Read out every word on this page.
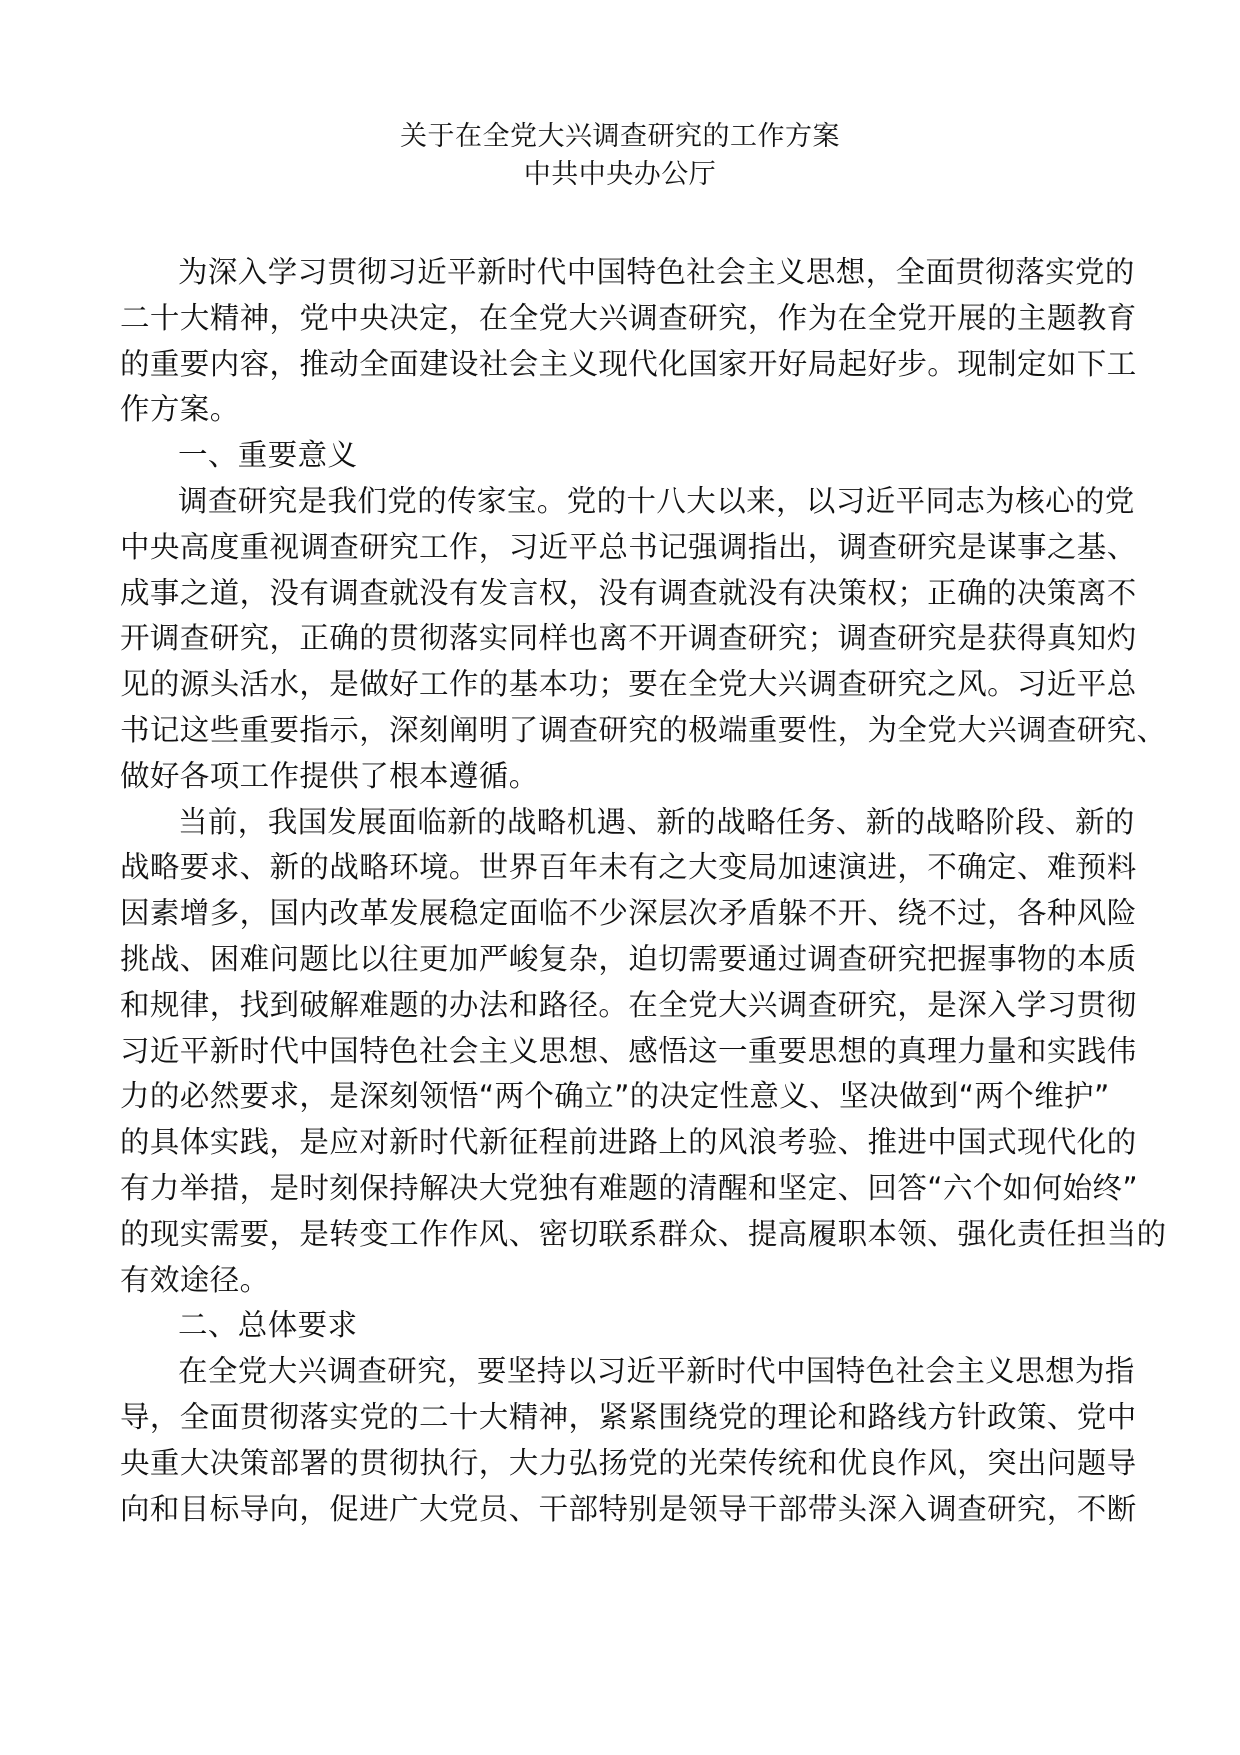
关于在全党大兴调查研究的工作方案
中共中央办公厅
为深入学习贯彻习近平新时代中国特色社会主义思想，全面贯彻落实党的
二十大精神，党中央决定，在全党大兴调查研究，作为在全党开展的主题教育
的重要内容，推动全面建设社会主义现代化国家开好局起好步。现制定如下工
作方案。
一、重要意义
调查研究是我们党的传家宝。党的十八大以来，以习近平同志为核心的党
中央高度重视调查研究工作，习近平总书记强调指出，调查研究是谋事之基、
成事之道，没有调查就没有发言权，没有调查就没有决策权；正确的决策离不
开调查研究，正确的贯彻落实同样也离不开调查研究；调查研究是获得真知灼
见的源头活水，是做好工作的基本功；要在全党大兴调查研究之风。习近平总
书记这些重要指示，深刻阐明了调查研究的极端重要性，为全党大兴调查研究、
做好各项工作提供了根本遵循。
当前，我国发展面临新的战略机遇、新的战略任务、新的战略阶段、新的
战略要求、新的战略环境。世界百年未有之大变局加速演进，不确定、难预料
因素增多，国内改革发展稳定面临不少深层次矛盾躲不开、绕不过，各种风险
挑战、困难问题比以往更加严峻复杂，迫切需要通过调查研究把握事物的本质
和规律，找到破解难题的办法和路径。在全党大兴调查研究，是深入学习贯彻
习近平新时代中国特色社会主义思想、感悟这一重要思想的真理力量和实践伟
力的必然要求，是深刻领悟“两个确立”的决定性意义、坚决做到“两个维护”
的具体实践，是应对新时代新征程前进路上的风浪考验、推进中国式现代化的
有力举措，是时刻保持解决大党独有难题的清醒和坚定、回答“六个如何始终”
的现实需要，是转变工作作风、密切联系群众、提高履职本领、强化责任担当的
有效途径。
二、总体要求
在全党大兴调查研究，要坚持以习近平新时代中国特色社会主义思想为指
导，全面贯彻落实党的二十大精神，紧紧围绕党的理论和路线方针政策、党中
央重大决策部署的贯彻执行，大力弘扬党的光荣传统和优良作风，突出问题导
向和目标导向，促进广大党员、干部特别是领导干部带头深入调查研究，不断
